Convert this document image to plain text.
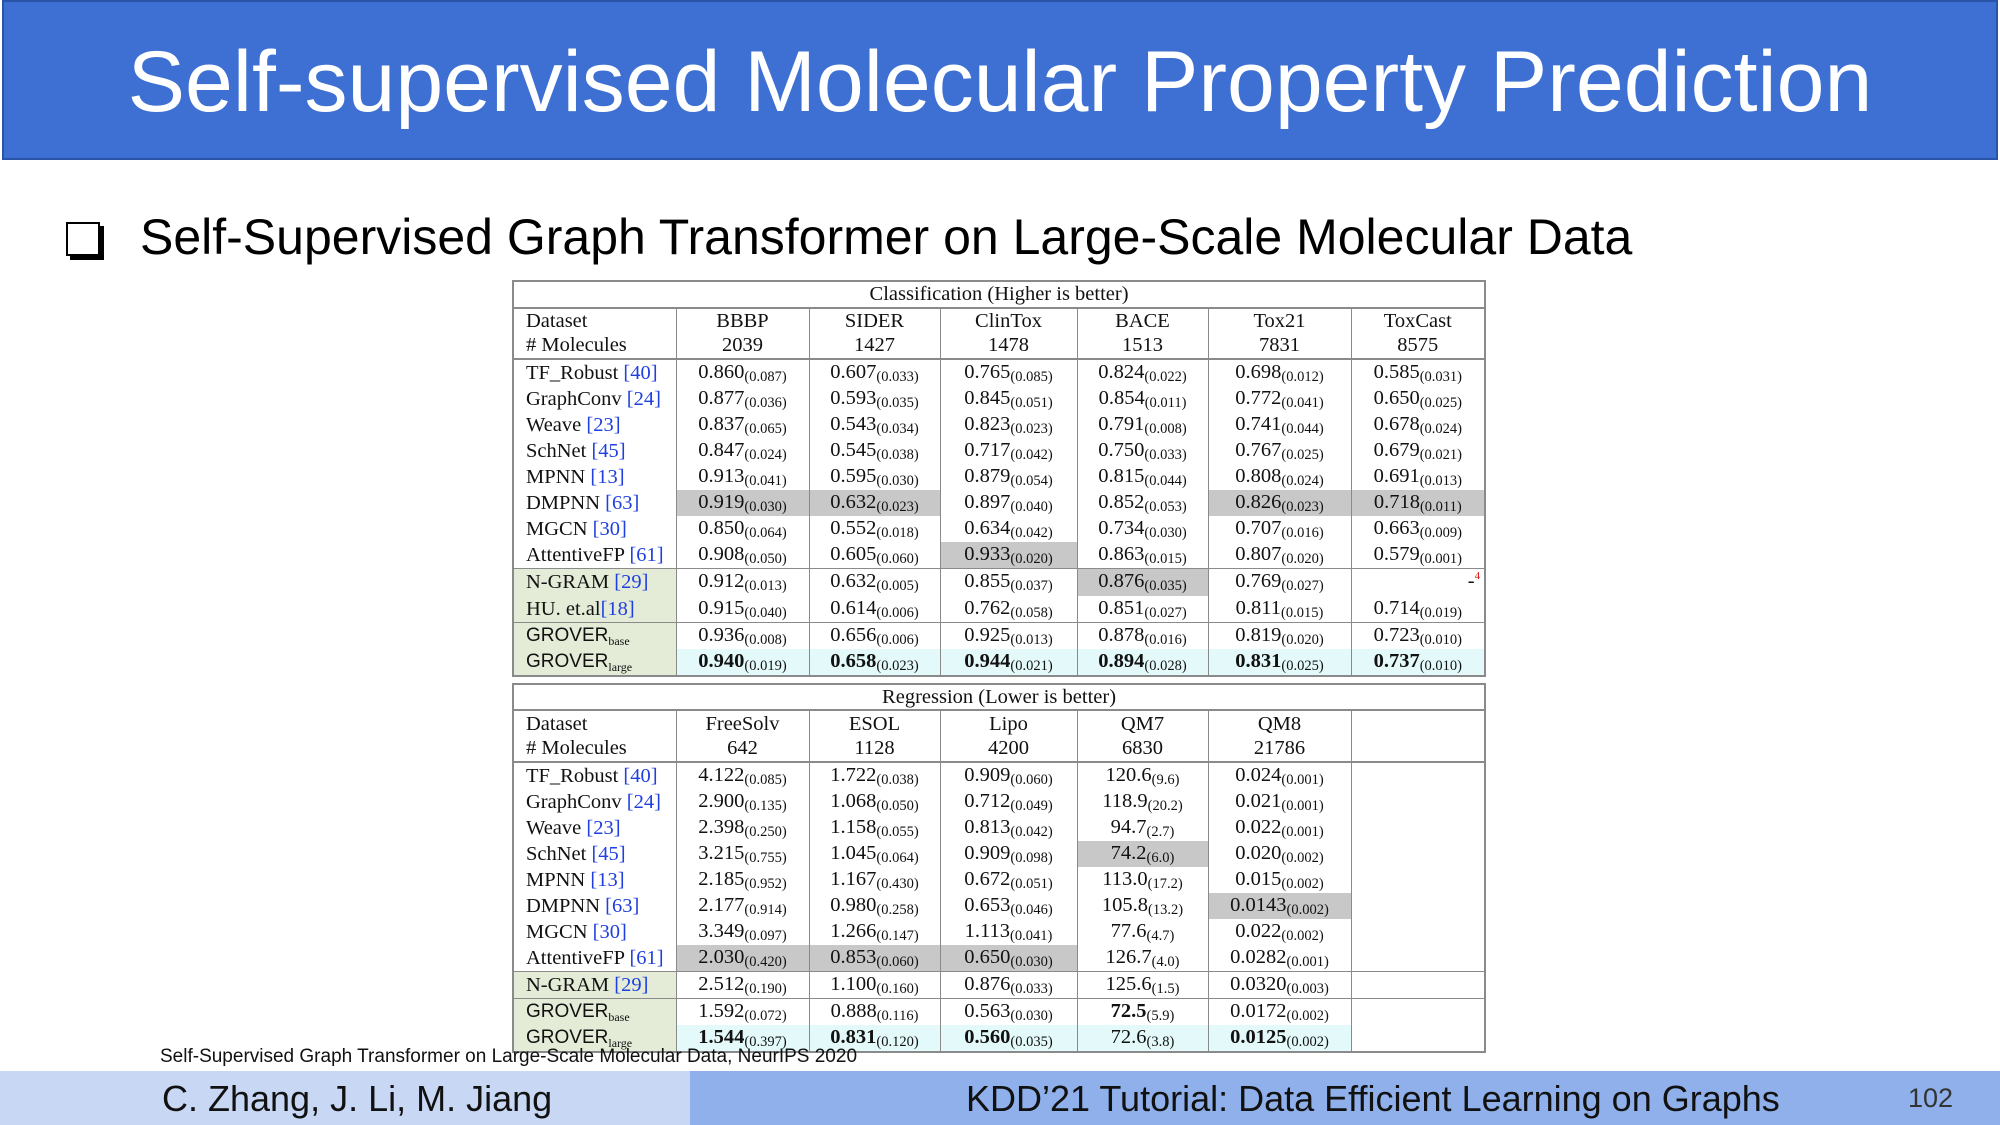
Self-supervised Molecular Property Prediction
Self-Supervised Graph Transformer on Large-Scale Molecular Data
Classification (Higher is better)						
Dataset	BBBP	SIDER	ClinTox	BACE	Tox21	ToxCast
# Molecules	2039	1427	1478	1513	7831	8575
TF_Robust [40]	0.860(0.087)	0.607(0.033)	0.765(0.085)	0.824(0.022)	0.698(0.012)	0.585(0.031)
GraphConv [24]	0.877(0.036)	0.593(0.035)	0.845(0.051)	0.854(0.011)	0.772(0.041)	0.650(0.025)
Weave [23]	0.837(0.065)	0.543(0.034)	0.823(0.023)	0.791(0.008)	0.741(0.044)	0.678(0.024)
SchNet [45]	0.847(0.024)	0.545(0.038)	0.717(0.042)	0.750(0.033)	0.767(0.025)	0.679(0.021)
MPNN [13]	0.913(0.041)	0.595(0.030)	0.879(0.054)	0.815(0.044)	0.808(0.024)	0.691(0.013)
DMPNN [63]	0.919(0.030)	0.632(0.023)	0.897(0.040)	0.852(0.053)	0.826(0.023)	0.718(0.011)
MGCN [30]	0.850(0.064)	0.552(0.018)	0.634(0.042)	0.734(0.030)	0.707(0.016)	0.663(0.009)
AttentiveFP [61]	0.908(0.050)	0.605(0.060)	0.933(0.020)	0.863(0.015)	0.807(0.020)	0.579(0.001)
N-GRAM [29]	0.912(0.013)	0.632(0.005)	0.855(0.037)	0.876(0.035)	0.769(0.027)	-$^4$
HU. et.al[18]	0.915(0.040)	0.614(0.006)	0.762(0.058)	0.851(0.027)	0.811(0.015)	0.714(0.019)
GROVERbase	0.936(0.008)	0.656(0.006)	0.925(0.013)	0.878(0.016)	0.819(0.020)	0.723(0.010)
GROVERlarge	0.940(0.019)	0.658(0.023)	0.944(0.021)	0.894(0.028)	0.831(0.025)	0.737(0.010)
Regression (Lower is better)						
Dataset	FreeSolv	ESOL	Lipo	QM7	QM8	
# Molecules	642	1128	4200	6830	21786	
TF_Robust [40]	4.122(0.085)	1.722(0.038)	0.909(0.060)	120.6(9.6)	0.024(0.001)	
GraphConv [24]	2.900(0.135)	1.068(0.050)	0.712(0.049)	118.9(20.2)	0.021(0.001)	
Weave [23]	2.398(0.250)	1.158(0.055)	0.813(0.042)	94.7(2.7)	0.022(0.001)	
SchNet [45]	3.215(0.755)	1.045(0.064)	0.909(0.098)	74.2(6.0)	0.020(0.002)	
MPNN [13]	2.185(0.952)	1.167(0.430)	0.672(0.051)	113.0(17.2)	0.015(0.002)	
DMPNN [63]	2.177(0.914)	0.980(0.258)	0.653(0.046)	105.8(13.2)	0.0143(0.002)	
MGCN [30]	3.349(0.097)	1.266(0.147)	1.113(0.041)	77.6(4.7)	0.022(0.002)	
AttentiveFP [61]	2.030(0.420)	0.853(0.060)	0.650(0.030)	126.7(4.0)	0.0282(0.001)	
N-GRAM [29]	2.512(0.190)	1.100(0.160)	0.876(0.033)	125.6(1.5)	0.0320(0.003)	
GROVERbase	1.592(0.072)	0.888(0.116)	0.563(0.030)	72.5(5.9)	0.0172(0.002)	
GROVERlarge	1.544(0.397)	0.831(0.120)	0.560(0.035)	72.6(3.8)	0.0125(0.002)	
Self-Supervised Graph Transformer on Large-Scale Molecular Data, NeurIPS 2020
C. Zhang, J. Li, M. Jiang	KDD’21 Tutorial: Data Efficient Learning on Graphs	102
